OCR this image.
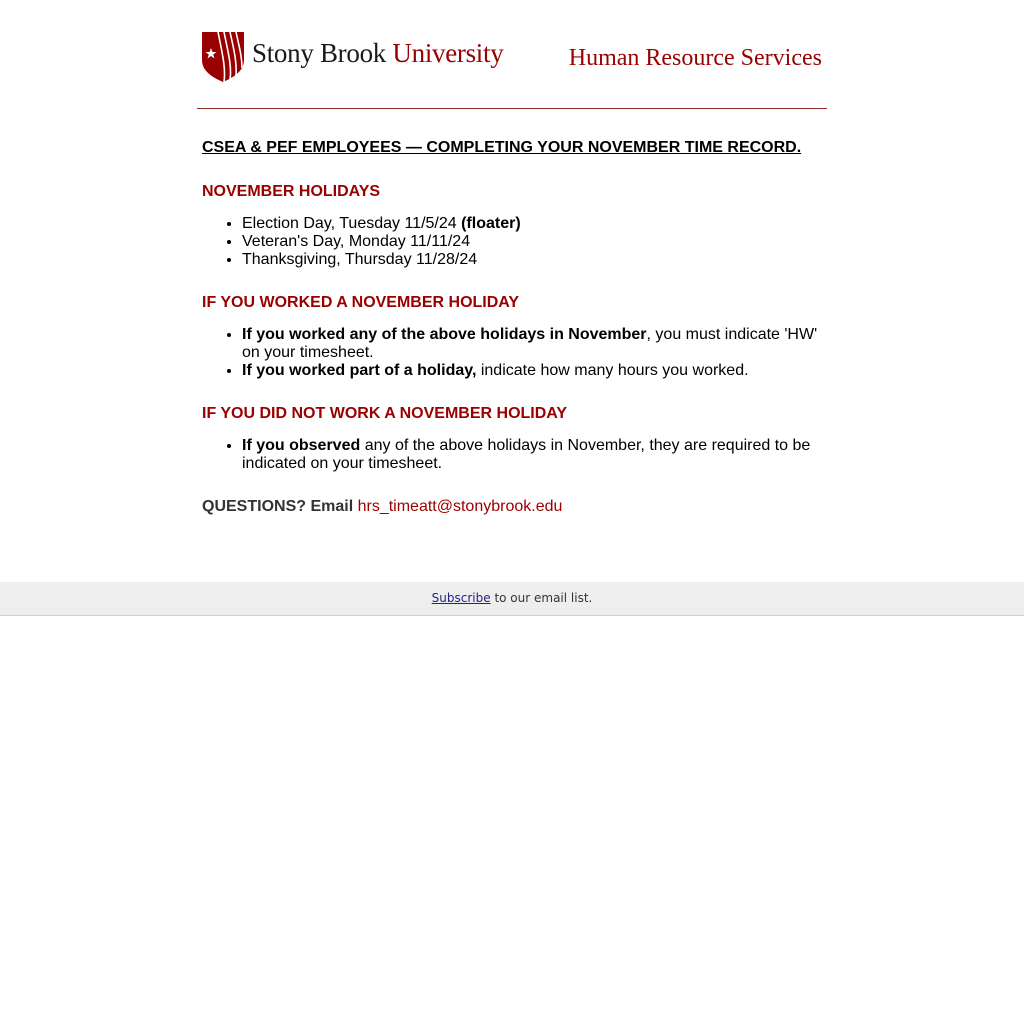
Stony Brook University	Human Resource Services
CSEA & PEF EMPLOYEES — COMPLETING YOUR NOVEMBER TIME RECORD.
NOVEMBER HOLIDAYS
• Election Day, Tuesday 11/5/24 (floater)
• Veteran's Day, Monday 11/11/24
• Thanksgiving, Thursday 11/28/24
IF YOU WORKED A NOVEMBER HOLIDAY
• If you worked any of the above holidays in November, you must indicate 'HW' on your timesheet.
• If you worked part of a holiday, indicate how many hours you worked.
IF YOU DID NOT WORK A NOVEMBER HOLIDAY
• If you observed any of the above holidays in November, they are required to be indicated on your timesheet.
QUESTIONS? Email hrs_timeatt@stonybrook.edu
Subscribe to our email list.
